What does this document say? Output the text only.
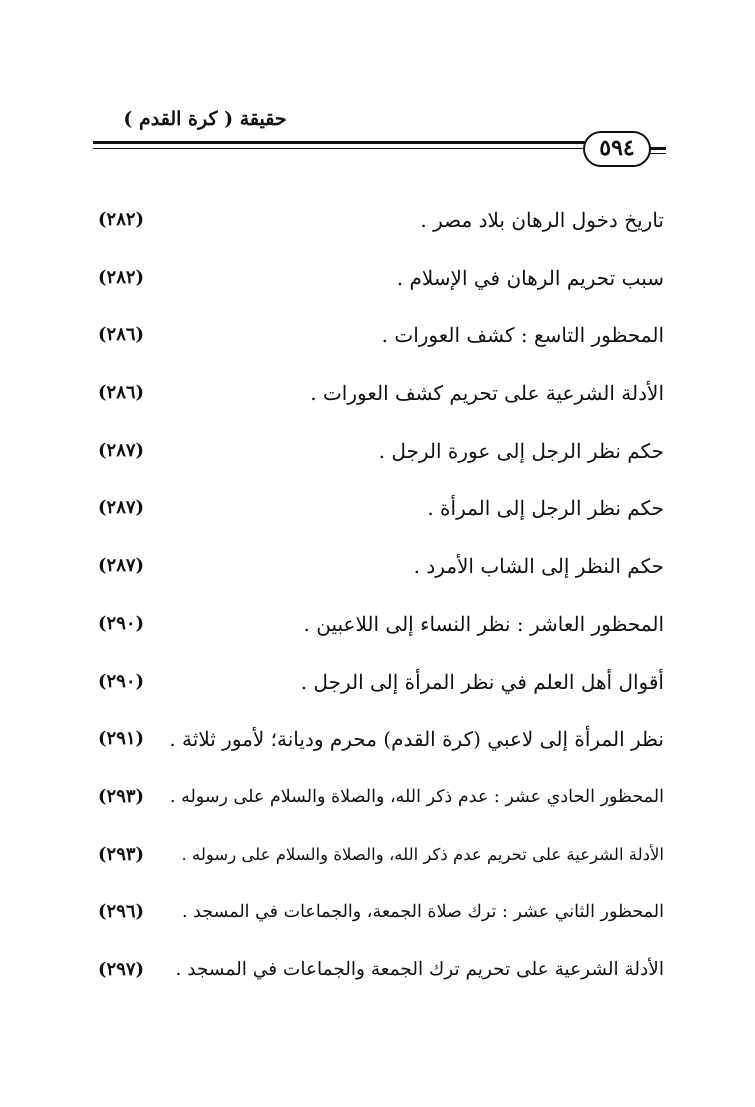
حقيقة ( كرة القدم )
٥٩٤
تاريخ دخول الرهان بلاد مصر .
(٢٨٢)
سبب تحريم الرهان في الإسلام .
(٢٨٢)
المحظور التاسع : كشف العورات .
(٢٨٦)
الأدلة الشرعية على تحريم كشف العورات .
(٢٨٦)
حكم نظر الرجل إلى عورة الرجل .
(٢٨٧)
حكم نظر الرجل إلى المرأة .
(٢٨٧)
حكم النظر إلى الشاب الأمرد .
(٢٨٧)
المحظور العاشر : نظر النساء إلى اللاعبين .
(٢٩٠)
أقوال أهل العلم في نظر المرأة إلى الرجل .
(٢٩٠)
نظر المرأة إلى لاعبي (كرة القدم) محرم وديانة؛ لأمور ثلاثة .
(٢٩١)
المحظور الحادي عشر : عدم ذكر الله، والصلاة والسلام على رسوله .
(٢٩٣)
الأدلة الشرعية على تحريم عدم ذكر الله، والصلاة والسلام على رسوله .
(٢٩٣)
المحظور الثاني عشر : ترك صلاة الجمعة، والجماعات في المسجد .
(٢٩٦)
الأدلة الشرعية على تحريم ترك الجمعة والجماعات في المسجد .
(٢٩٧)
